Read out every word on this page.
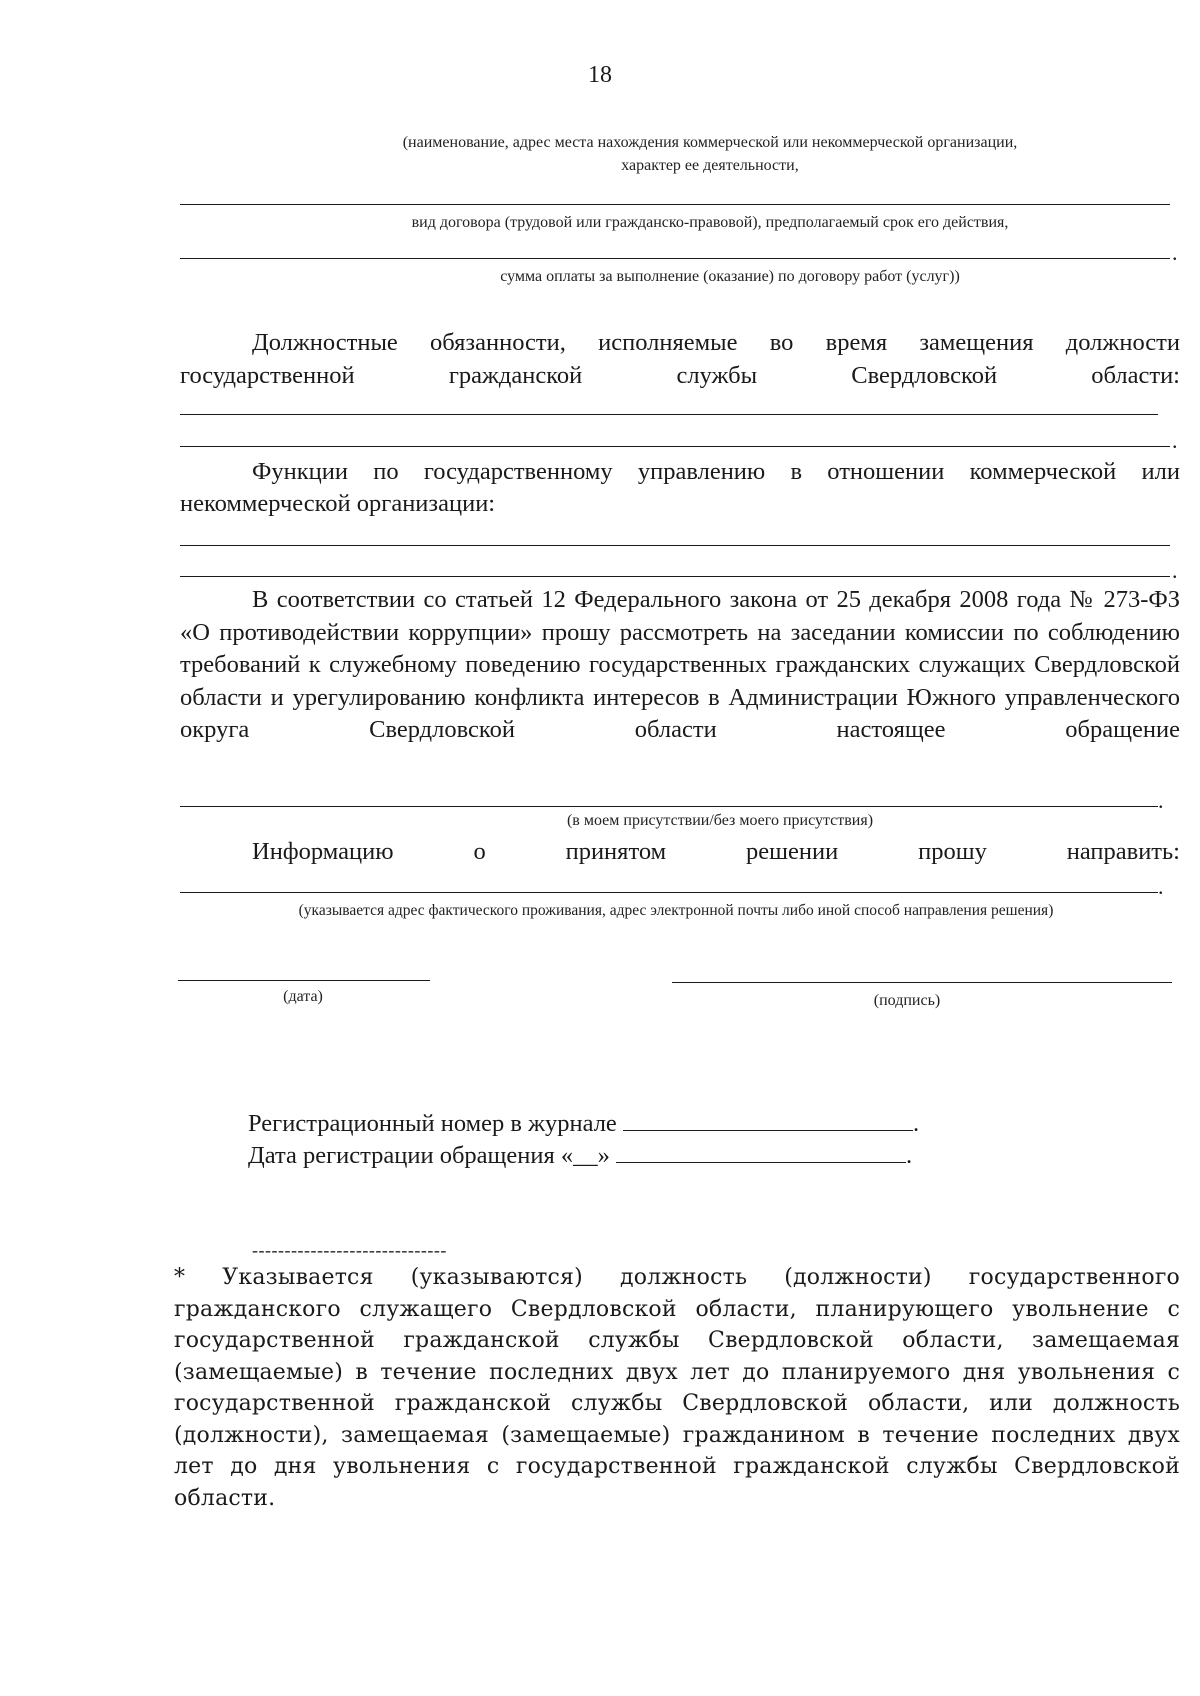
18
(наименование, адрес места нахождения коммерческой или некоммерческой организации,
характер ее деятельности,
вид договора (трудовой или гражданско-правовой), предполагаемый срок его действия,
.
сумма оплаты за выполнение (оказание) по договору работ (услуг))
Должностные обязанности, исполняемые во время замещения должности государственной гражданской службы Свердловской области:
.
Функции по государственному управлению в отношении коммерческой или некоммерческой организации:
.
В соответствии со статьей 12 Федерального закона от 25 декабря 2008 года № 273-ФЗ «О противодействии коррупции» прошу рассмотреть на заседании комиссии по соблюдению требований к служебному поведению государственных гражданских служащих Свердловской области и урегулированию конфликта интересов в Администрации Южного управленческого округа Свердловской области настоящее обращение
.
(в моем присутствии/без моего присутствия)
Информацию о принятом решении прошу направить:
.
(указывается адрес фактического проживания, адрес электронной почты либо иной способ направления решения)
(дата)	(подпись)
Регистрационный номер в журнале	.
Дата регистрации обращения «__»	.
------------------------------
* Указывается (указываются) должность (должности) государственного гражданского служащего Свердловской области, планирующего увольнение с государственной гражданской службы Свердловской области, замещаемая (замещаемые) в течение последних двух лет до планируемого дня увольнения с государственной гражданской службы Свердловской области, или должность (должности), замещаемая (замещаемые) гражданином в течение последних двух лет до дня увольнения с государственной гражданской службы Свердловской области.
